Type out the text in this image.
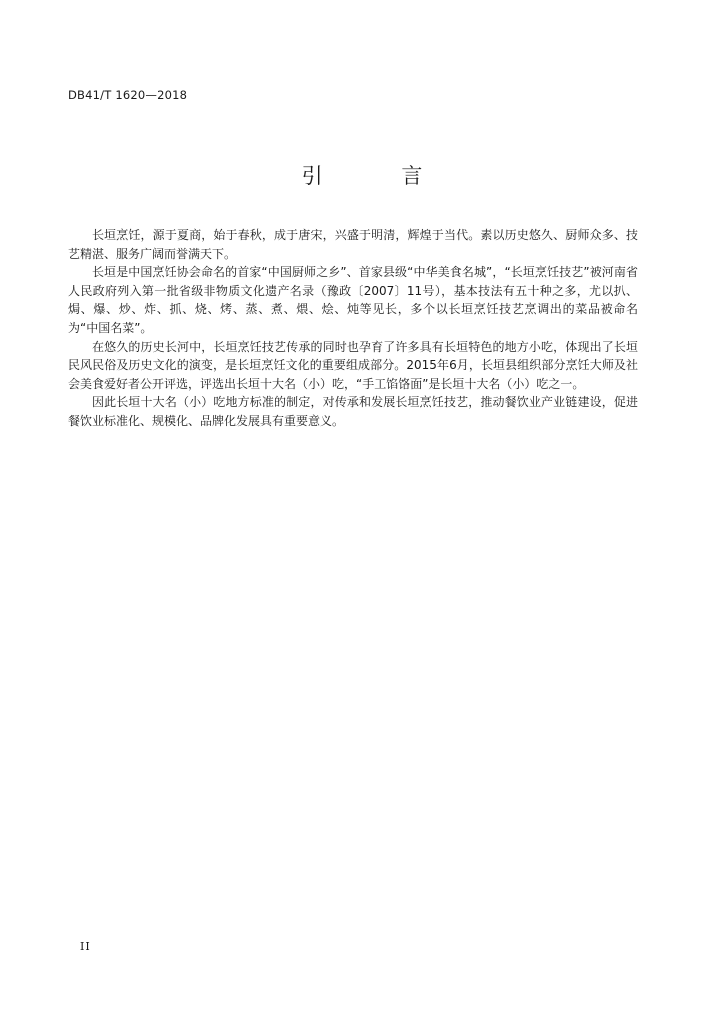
DB41/T 1620—2018
引 言

长垣烹饪，源于夏商，始于春秋，成于唐宋，兴盛于明清，辉煌于当代。素以历史悠久、厨师众多、技艺精湛、服务广阔而誉满天下。

长垣是中国烹饪协会命名的首家“中国厨师之乡”、首家县级“中华美食名城”，“长垣烹饪技艺”被河南省人民政府列入第一批省级非物质文化遗产名录（豫政〔2007〕11号），基本技法有五十种之多，尤以扒、焗、爆、炒、炸、抓、烧、烤、蒸、煮、煨、烩、炖等见长，多个以长垣烹饪技艺烹调出的菜品被命名为“中国名菜”。

在悠久的历史长河中，长垣烹饪技艺传承的同时也孕育了许多具有长垣特色的地方小吃，体现出了长垣民风民俗及历史文化的演变，是长垣烹饪文化的重要组成部分。2015年6月，长垣县组织部分烹饪大师及社会美食爱好者公开评选，评选出长垣十大名（小）吃，“手工馅饹面”是长垣十大名（小）吃之一。

因此长垣十大名（小）吃地方标准的制定，对传承和发展长垣烹饪技艺，推动餐饮业产业链建设，促进餐饮业标准化、规模化、品牌化发展具有重要意义。

II
